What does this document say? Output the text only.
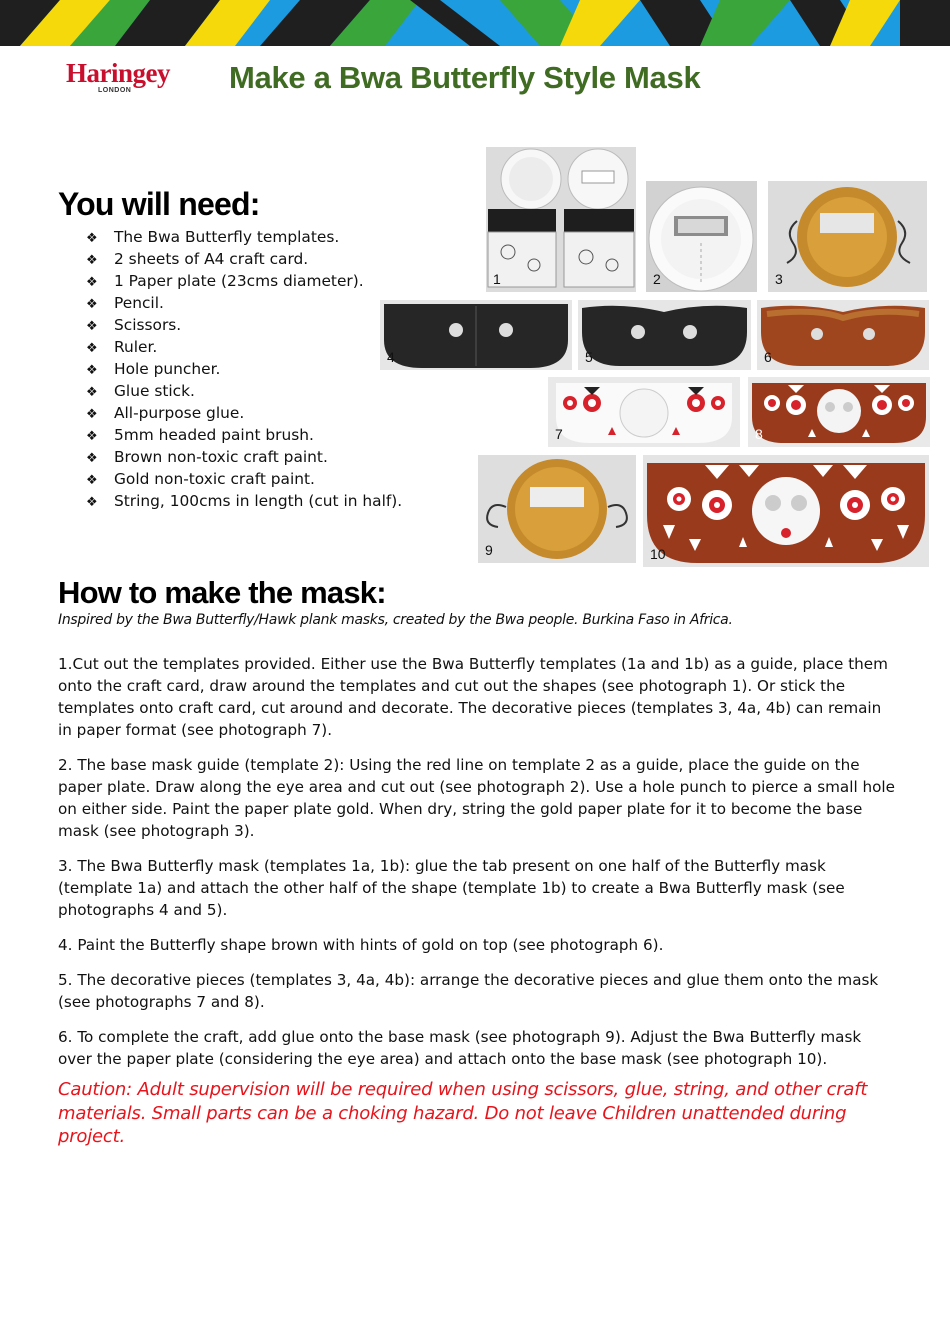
Haringey
LONDON	Make a Bwa Butterfly Style Mask
You will need:
❖ The Bwa Butterfly templates.
❖ 2 sheets of A4 craft card.
❖ 1 Paper plate (23cms diameter).
❖ Pencil.
❖ Scissors.
❖ Ruler.
❖ Hole puncher.
❖ Glue stick.
❖ All-purpose glue.
❖ 5mm headed paint brush.
❖ Brown non-toxic craft paint.
❖ Gold non-toxic craft paint.
❖ String, 100cms in length (cut in half).
1	2	3
4	5	6
7	8
9	10
How to make the mask:

Inspired by the Bwa Butterfly/Hawk plank masks, created by the Bwa people. Burkina Faso in Africa.

1.Cut out the templates provided. Either use the Bwa Butterfly templates (1a and 1b) as a guide, place them onto the craft card, draw around the templates and cut out the shapes (see photograph 1). Or stick the templates onto craft card, cut around and decorate. The decorative pieces (templates 3, 4a, 4b) can remain in paper format (see photograph 7).

2. The base mask guide (template 2): Using the red line on template 2 as a guide, place the guide on the paper plate. Draw along the eye area and cut out (see photograph 2). Use a hole punch to pierce a small hole on either side. Paint the paper plate gold. When dry, string the gold paper plate for it to become the base mask (see photograph 3).

3. The Bwa Butterfly mask (templates 1a, 1b): glue the tab present on one half of the Butterfly mask (template 1a) and attach the other half of the shape (template 1b) to create a Bwa Butterfly mask (see photographs 4 and 5).

4. Paint the Butterfly shape brown with hints of gold on top (see photograph 6).

5. The decorative pieces (templates 3, 4a, 4b): arrange the decorative pieces and glue them onto the mask (see photographs 7 and 8).

6. To complete the craft, add glue onto the base mask (see photograph 9). Adjust the Bwa Butterfly mask over the paper plate (considering the eye area) and attach onto the base mask (see photograph 10).

Caution: Adult supervision will be required when using scissors, glue, string, and other craft materials. Small parts can be a choking hazard. Do not leave Children unattended during project.
